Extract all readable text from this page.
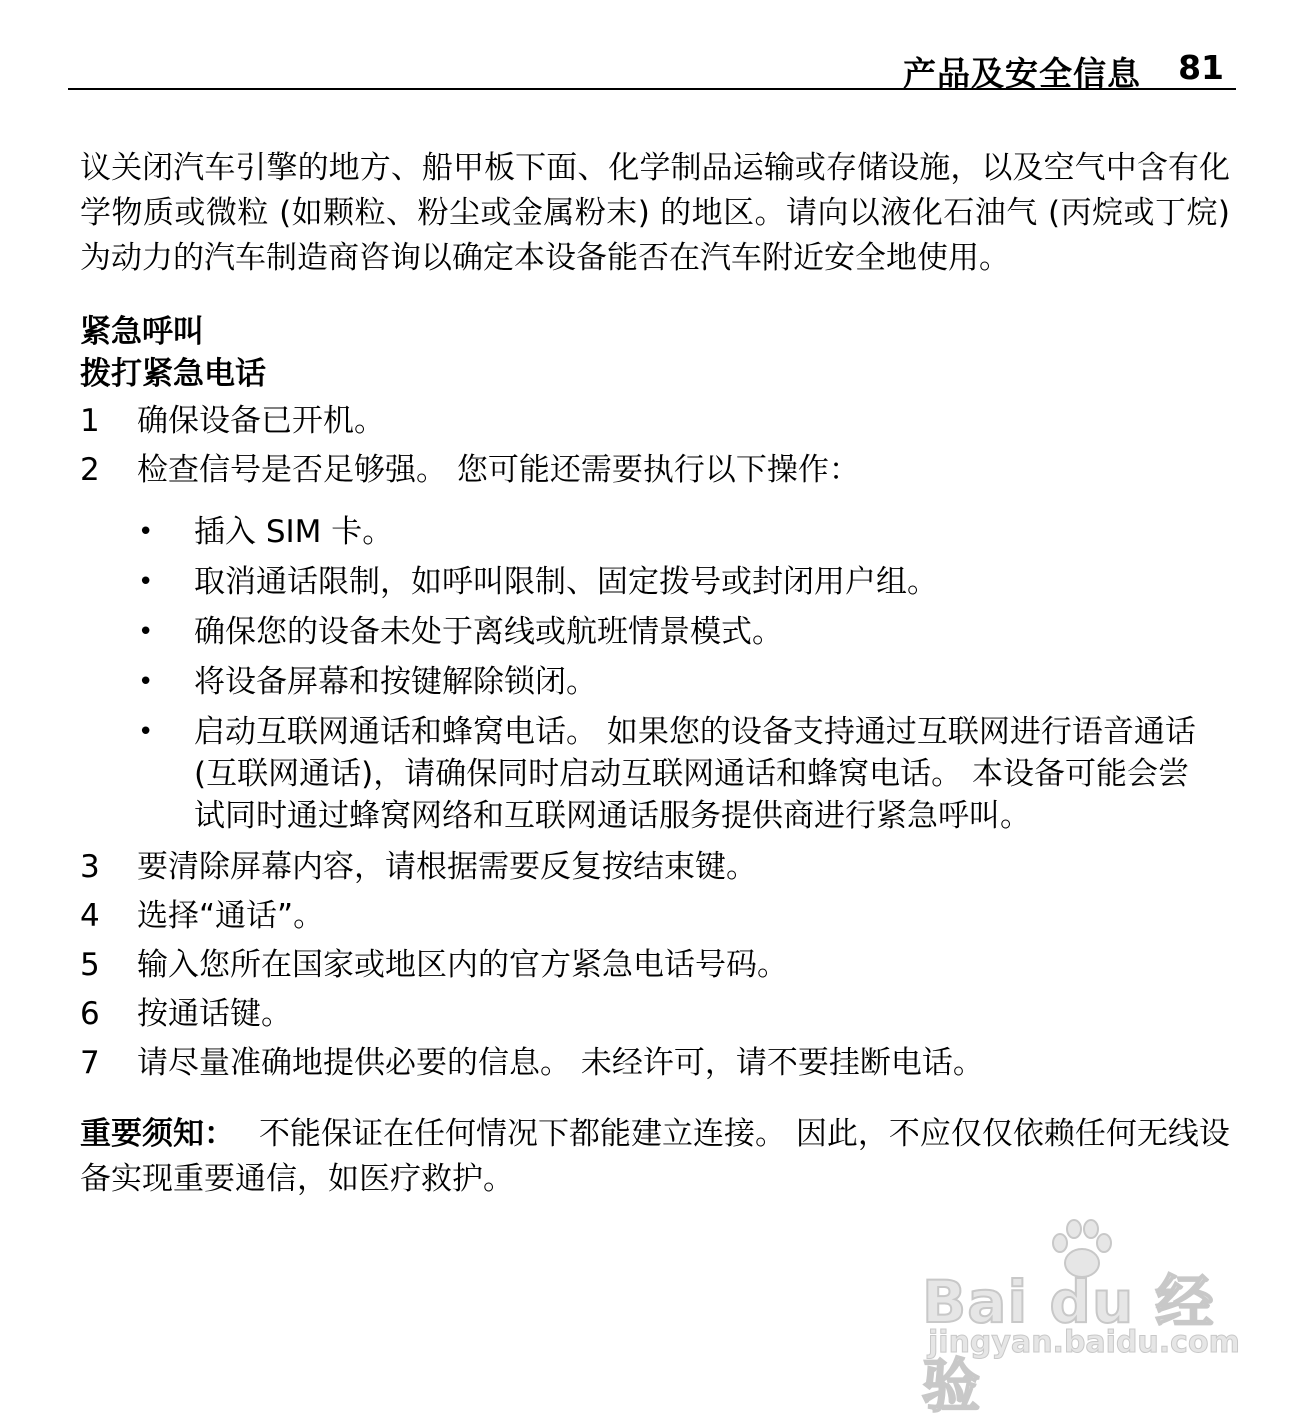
产品及安全信息 81

议关闭汽车引擎的地方、船甲板下面、化学制品运输或存储设施，以及空气中含有化学物质或微粒 (如颗粒、粉尘或金属粉末) 的地区。请向以液化石油气 (丙烷或丁烷) 为动力的汽车制造商咨询以确定本设备能否在汽车附近安全地使用。

紧急呼叫
拨打紧急电话
1 确保设备已开机。
2 检查信号是否足够强。 您可能还需要执行以下操作：
• 插入 SIM 卡。
• 取消通话限制，如呼叫限制、固定拨号或封闭用户组。
• 确保您的设备未处于离线或航班情景模式。
• 将设备屏幕和按键解除锁闭。
• 启动互联网通话和蜂窝电话。 如果您的设备支持通过互联网进行语音通话 (互联网通话)，请确保同时启动互联网通话和蜂窝电话。 本设备可能会尝试同时通过蜂窝网络和互联网通话服务提供商进行紧急呼叫。
3 要清除屏幕内容，请根据需要反复按结束键。
4 选择“通话”。
5 输入您所在国家或地区内的官方紧急电话号码。
6 按通话键。
7 请尽量准确地提供必要的信息。 未经许可，请不要挂断电话。

重要须知： 不能保证在任何情况下都能建立连接。 因此，不应仅仅依赖任何无线设备实现重要通信，如医疗救护。

Bai du 经验
jingyan.baidu.com
